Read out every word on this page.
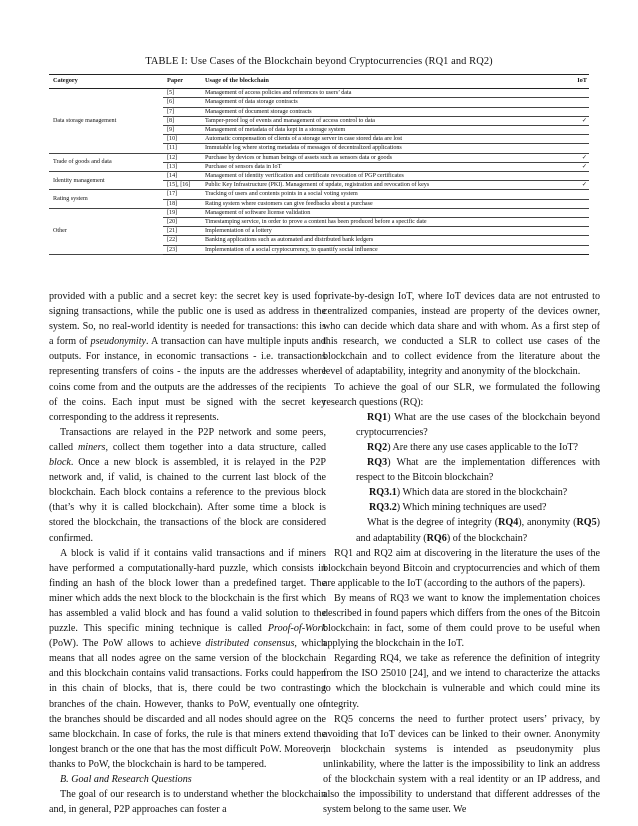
TABLE I: Use Cases of the Blockchain beyond Cryptocurrencies (RQ1 and RQ2)
Category	Paper	Usage of the blockchain	IoT
Data storage management	[5]	Management of access policies and references to users’ data	
	[6]	Management of data storage contracts	
	[7]	Management of document storage contracts	
	[8]	Tamper-proof log of events and management of access control to data	✓
	[9]	Management of metadata of data kept in a storage system	
	[10]	Automatic compensation of clients of a storage server in case stored data are lost	
	[11]	Immutable log where storing metadata of messages of decentralized applications	
Trade of goods and data	[12]	Purchase by devices or human beings of assets such as sensors data or goods	✓
	[13]	Purchase of sensors data in IoT	✓
Identity management	[14]	Management of identity verification and certificate revocation of PGP certificates	
	[15], [16]	Public Key Infrastructure (PKI). Management of update, registration and revocation of keys	✓
Rating system	[17]	Tracking of users and contents points in a social voting system	
	[18]	Rating system where customers can give feedbacks about a purchase	
Other	[19]	Management of software license validation	
	[20]	Timestamping service, in order to prove a content has been produced before a specific date	
	[21]	Implementation of a lottery	
	[22]	Banking applications such as automated and distributed bank ledgers	
	[23]	Implementation of a social cryptocurrency, to quantify social influence	

provided with a public and a secret key: the secret key is used for signing transactions, while the public one is used as address in the system. So, no real-world identity is needed for transactions: this is a form of pseudonymity. A transaction can have multiple inputs and outputs. For instance, in economic transactions - i.e. transactions representing transfers of coins - the inputs are the addresses where coins come from and the outputs are the addresses of the recipients of the coins. Each input must be signed with the secret key corresponding to the address it represents.

Transactions are relayed in the P2P network and some peers, called miners, collect them together into a data structure, called block. Once a new block is assembled, it is relayed in the P2P network and, if valid, is chained to the current last block of the blockchain. Each block contains a reference to the previous block (that’s why it is called blockchain). After some time a block is stored the blockchain, the transactions of the block are considered confirmed.

A block is valid if it contains valid transactions and if miners have performed a computationally-hard puzzle, which consists in finding an hash of the block lower than a predefined target. The miner which adds the next block to the blockchain is the first which has assembled a valid block and has found a valid solution to the puzzle. This specific mining technique is called Proof-of-Work (PoW). The PoW allows to achieve distributed consensus, which means that all nodes agree on the same version of the blockchain and this blockchain contains valid transactions. Forks could happen in this chain of blocks, that is, there could be two contrasting branches of the chain. However, thanks to PoW, eventually one of the branches should be discarded and all nodes should agree on the same blockchain. In case of forks, the rule is that miners extend the longest branch or the one that has the most difficult PoW. Moreover, thanks to PoW, the blockchain is hard to be tampered.

B. Goal and Research Questions

The goal of our research is to understand whether the blockchain and, in general, P2P approaches can foster a

private-by-design IoT, where IoT devices data are not entrusted to centralized companies, instead are property of the devices owner, who can decide which data share and with whom. As a first step of this research, we conducted a SLR to collect use cases of the blockchain and to collect evidence from the literature about the level of adaptability, integrity and anonymity of the blockchain.

To achieve the goal of our SLR, we formulated the following research questions (RQ):

RQ1) What are the use cases of the blockchain beyond cryptocurrencies?

RQ2) Are there any use cases applicable to the IoT?

RQ3) What are the implementation differences with respect to the Bitcoin blockchain?

RQ3.1) Which data are stored in the blockchain?

RQ3.2) Which mining techniques are used?

What is the degree of integrity (RQ4), anonymity (RQ5) and adaptability (RQ6) of the blockchain?

RQ1 and RQ2 aim at discovering in the literature the uses of the blockchain beyond Bitcoin and cryptocurrencies and which of them are applicable to the IoT (according to the authors of the papers).

By means of RQ3 we want to know the implementation choices described in found papers which differs from the ones of the Bitcoin blockchain: in fact, some of them could prove to be useful when applying the blockchain in the IoT.

Regarding RQ4, we take as reference the definition of integrity from the ISO 25010 [24], and we intend to characterize the attacks to which the blockchain is vulnerable and which could mine its integrity.

RQ5 concerns the need to further protect users’ privacy, by avoiding that IoT devices can be linked to their owner. Anonymity in blockchain systems is intended as pseudonymity plus unlinkability, where the latter is the impossibility to link an address of the blockchain system with a real identity or an IP address, and also the impossibility to understand that different addresses of the system belong to the same user. We
